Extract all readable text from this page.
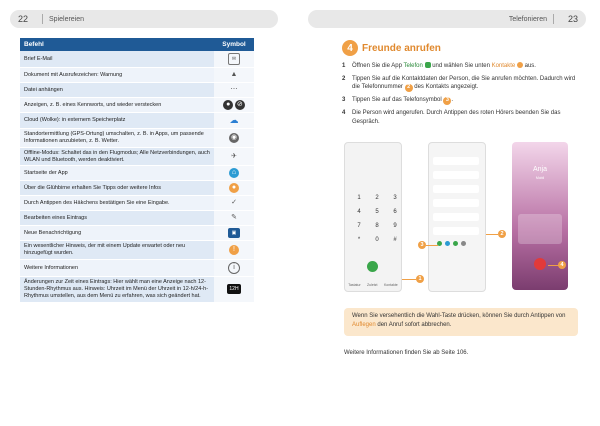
22	Spielereien
Befehl	Symbol
Brief E-Mail	✉
Dokument mit Ausrufezeichen: Warnung	▲
Datei anhängen	⋯
Anzeigen, z. B. eines Kennworts, und wieder verstecken	● ⊘
Cloud (Wolke): in externem Speicherplatz	☁
Standortermittlung (GPS-Ortung) umschalten, z. B. in Apps, um passende Informationen anzubieten, z. B. Wetter.	◉
Offline-Modus: Schaltet das in den Flugmodus; Alle Netzverbindungen, auch WLAN und Bluetooth, werden deaktiviert.	✈
Startseite der App	⌂
Über die Glühbirne erhalten Sie Tipps oder weitere Infos	●
Durch Antippen des Häkchens bestätigen Sie eine Eingabe.	✓
Bearbeiten eines Eintrags	✎
Neue Benachrichtigung	▣
Ein wesentlicher Hinweis, der mit einem Update erwartet oder neu hinzugefügt wurden.	!
Weitere Informationen	i
Änderungen zur Zeit eines Eintrags: Hier wählt man eine Anzeige nach 12-Stunden-Rhythmus aus. Hinweis: Uhrzeit im Menü der Uhrzeit in 12-h/24-h-Rhythmus umstellen, aus dem Menü zu erfahren, was sich geändert hat.	12H
Telefonieren 23
4 Freunde anrufen
1	Öffnen Sie die App Telefon  und wählen Sie unten Kontakte  aus.
2	Tippen Sie auf die Kontaktdaten der Person, die Sie anrufen möchten. Dadurch wird die Telefonnummer 2 des Kontakts angezeigt.
3	Tippen Sie auf das Telefonsymbol 3 .
4	Die Person wird angerufen. Durch Antippen des roten Hörers beenden Sie das Gespräch.
1	2	3
4	5	6
7	8	9
*	0	#
Tastatur Zuletzt Kontakte
Anja
Mobil
1
2
3
4
Wenn Sie versehentlich die Wahl-Taste drücken, können Sie durch Antippen von Auflegen den Anruf sofort abbrechen.
Weitere Informationen finden Sie ab Seite 106.
